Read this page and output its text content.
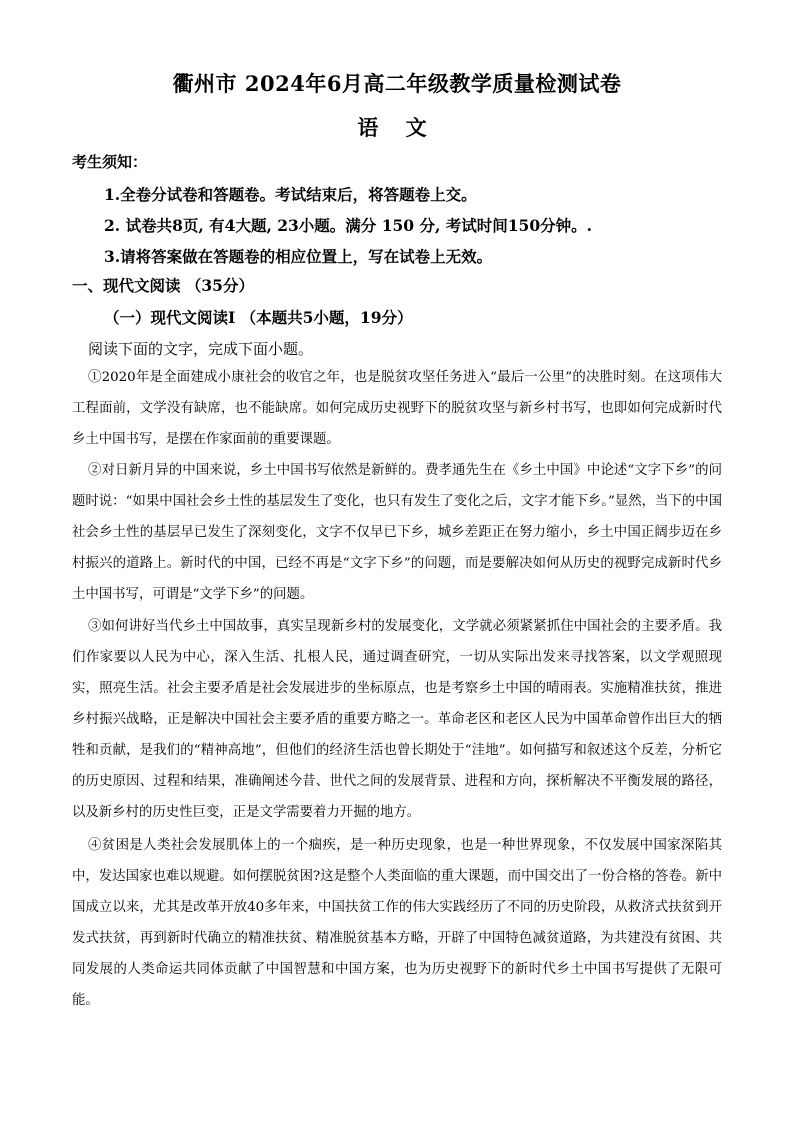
衢州市 2024年6月高二年级教学质量检测试卷
语 文
考生须知：
1.全卷分试卷和答题卷。考试结束后，将答题卷上交。
2. 试卷共8页, 有4大题, 23小题。满分 150 分, 考试时间150分钟。.
3.请将答案做在答题卷的相应位置上，写在试卷上无效。
一、现代文阅读 （35分）
（一）现代文阅读Ⅰ （本题共5小题，19分）
阅读下面的文字，完成下面小题。
①2020年是全面建成小康社会的收官之年，也是脱贫攻坚任务进入“最后一公里”的决胜时刻。在这项伟大工程面前，文学没有缺席，也不能缺席。如何完成历史视野下的脱贫攻坚与新乡村书写，也即如何完成新时代乡土中国书写，是摆在作家面前的重要课题。
②对日新月异的中国来说，乡土中国书写依然是新鲜的。费孝通先生在《乡土中国》中论述“文字下乡”的问题时说：“如果中国社会乡土性的基层发生了变化，也只有发生了变化之后，文字才能下乡。”显然，当下的中国社会乡土性的基层早已发生了深刻变化，文字不仅早已下乡，城乡差距正在努力缩小，乡土中国正阔步迈在乡村振兴的道路上。新时代的中国，已经不再是“文字下乡”的问题，而是要解决如何从历史的视野完成新时代乡土中国书写，可谓是“文学下乡”的问题。
③如何讲好当代乡土中国故事，真实呈现新乡村的发展变化，文学就必须紧紧抓住中国社会的主要矛盾。我们作家要以人民为中心，深入生活、扎根人民，通过调查研究，一切从实际出发来寻找答案，以文学观照现实，照亮生活。社会主要矛盾是社会发展进步的坐标原点，也是考察乡土中国的晴雨表。实施精准扶贫，推进乡村振兴战略，正是解决中国社会主要矛盾的重要方略之一。革命老区和老区人民为中国革命曾作出巨大的牺牲和贡献，是我们的“精神高地”，但他们的经济生活也曾长期处于“洼地”。如何描写和叙述这个反差，分析它的历史原因、过程和结果，准确阐述今昔、世代之间的发展背景、进程和方向，探析解决不平衡发展的路径，以及新乡村的历史性巨变，正是文学需要着力开掘的地方。
④贫困是人类社会发展肌体上的一个痼疾，是一种历史现象，也是一种世界现象，不仅发展中国家深陷其中，发达国家也难以规避。如何摆脱贫困?这是整个人类面临的重大课题，而中国交出了一份合格的答卷。新中国成立以来，尤其是改革开放40多年来，中国扶贫工作的伟大实践经历了不同的历史阶段，从救济式扶贫到开发式扶贫，再到新时代确立的精准扶贫、精准脱贫基本方略，开辟了中国特色减贫道路，为共建没有贫困、共同发展的人类命运共同体贡献了中国智慧和中国方案，也为历史视野下的新时代乡土中国书写提供了无限可能。
